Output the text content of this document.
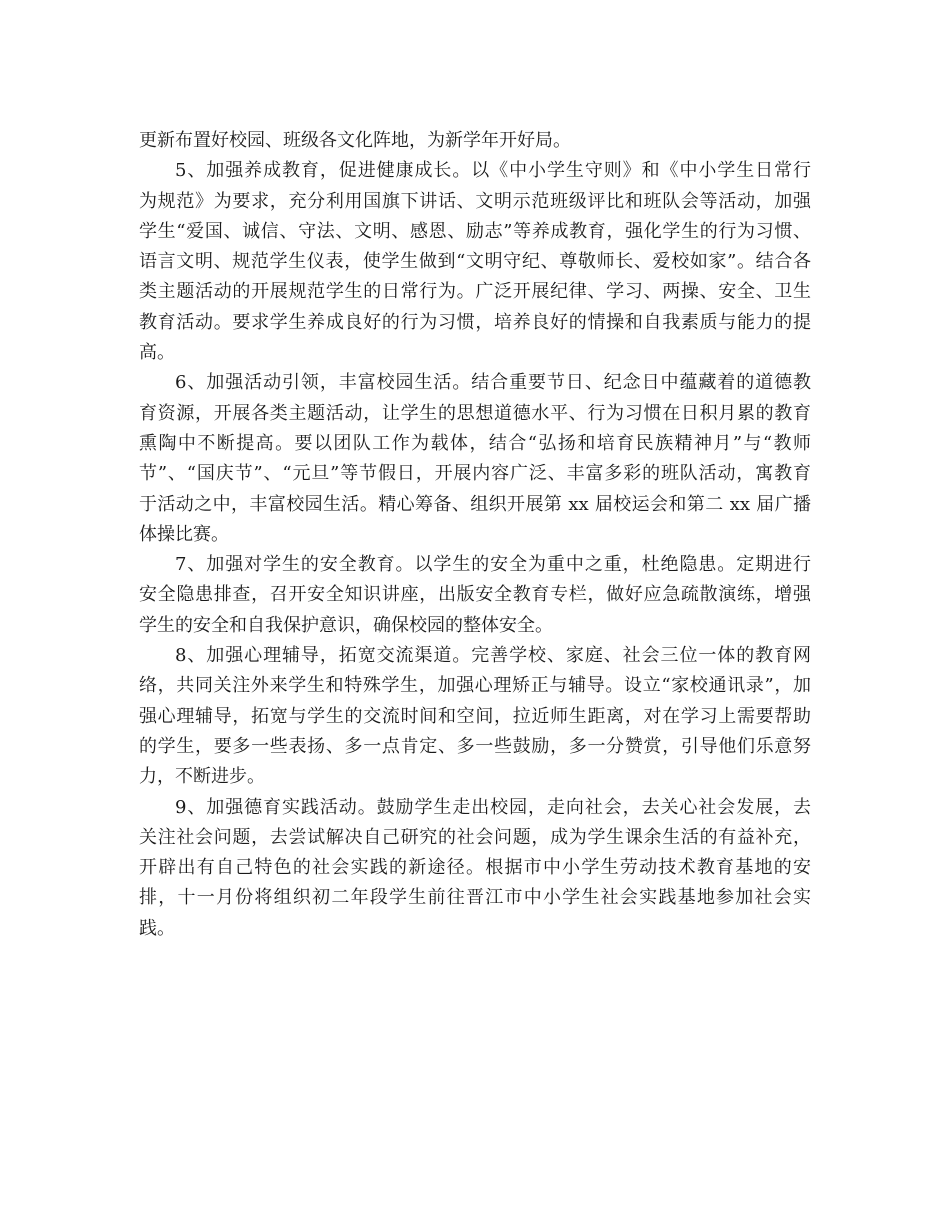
更新布置好校园、班级各文化阵地，为新学年开好局。
5、加强养成教育，促进健康成长。以《中小学生守则》和《中小学生日常行
为规范》为要求，充分利用国旗下讲话、文明示范班级评比和班队会等活动，加强
学生“爱国、诚信、守法、文明、感恩、励志”等养成教育，强化学生的行为习惯、
语言文明、规范学生仪表，使学生做到“文明守纪、尊敬师长、爱校如家”。结合各
类主题活动的开展规范学生的日常行为。广泛开展纪律、学习、两操、安全、卫生
教育活动。要求学生养成良好的行为习惯，培养良好的情操和自我素质与能力的提
高。
6、加强活动引领，丰富校园生活。结合重要节日、纪念日中蕴藏着的道德教
育资源，开展各类主题活动，让学生的思想道德水平、行为习惯在日积月累的教育
熏陶中不断提高。要以团队工作为载体，结合“弘扬和培育民族精神月”与“教师
节”、“国庆节”、“元旦”等节假日，开展内容广泛、丰富多彩的班队活动，寓教育
于活动之中，丰富校园生活。精心筹备、组织开展第 xx 届校运会和第二 xx 届广播
体操比赛。
7、加强对学生的安全教育。以学生的安全为重中之重，杜绝隐患。定期进行
安全隐患排查，召开安全知识讲座，出版安全教育专栏，做好应急疏散演练，增强
学生的安全和自我保护意识，确保校园的整体安全。
8、加强心理辅导，拓宽交流渠道。完善学校、家庭、社会三位一体的教育网
络，共同关注外来学生和特殊学生，加强心理矫正与辅导。设立“家校通讯录”，加
强心理辅导，拓宽与学生的交流时间和空间，拉近师生距离，对在学习上需要帮助
的学生，要多一些表扬、多一点肯定、多一些鼓励，多一分赞赏，引导他们乐意努
力，不断进步。
9、加强德育实践活动。鼓励学生走出校园，走向社会，去关心社会发展，去
关注社会问题，去尝试解决自己研究的社会问题，成为学生课余生活的有益补充，
开辟出有自己特色的社会实践的新途径。根据市中小学生劳动技术教育基地的安
排，十一月份将组织初二年段学生前往晋江市中小学生社会实践基地参加社会实
践。
